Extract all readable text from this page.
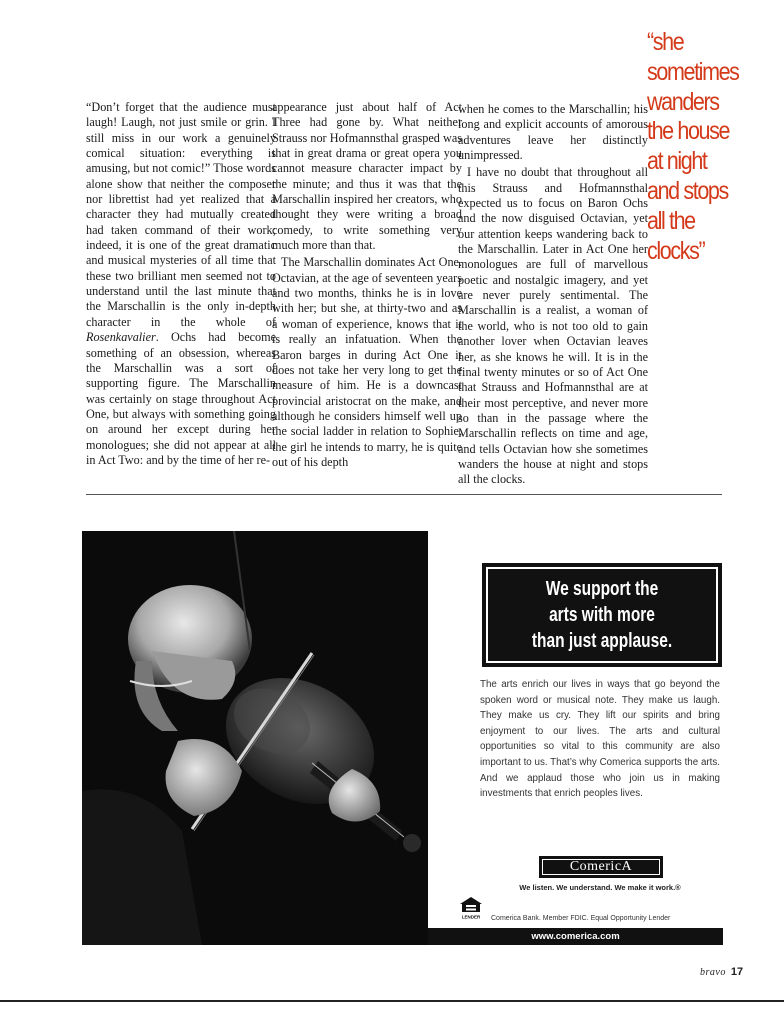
“Don’t forget that the audience must laugh! Laugh, not just smile or grin. I still miss in our work a genuinely comical situation: everything is amusing, but not comic!” Those words alone show that neither the composer nor librettist had yet realized that a character they had mutually created had taken command of their work; indeed, it is one of the great dramatic and musical mysteries of all time that these two brilliant men seemed not to understand until the last minute that the Marschallin is the only in-depth character in the whole of Rosenkavalier. Ochs had become something of an obsession, whereas the Marschallin was a sort of supporting figure. The Marschallin was certainly on stage throughout Act One, but always with something going on around her except during her monologues; she did not appear at all in Act Two: and by the time of her re-

appearance just about half of Act Three had gone by. What neither Strauss nor Hofmannsthal grasped was that in great drama or great opera you cannot measure character impact by the minute; and thus it was that the Marschallin inspired her creators, who thought they were writing a broad comedy, to write something very much more than that.

The Marschallin dominates Act One. Octavian, at the age of seventeen years and two months, thinks he is in love with her; but she, at thirty-two and as a woman of experience, knows that it is really an infatuation. When the Baron barges in during Act One it does not take her very long to get the measure of him. He is a downcast provincial aristocrat on the make, and although he considers himself well up the social ladder in relation to Sophie, the girl he intends to marry, he is quite out of his depth

when he comes to the Marschallin; his long and explicit accounts of amorous adventures leave her distinctly unimpressed.

I have no doubt that throughout all this Strauss and Hofmannsthal expected us to focus on Baron Ochs and the now disguised Octavian, yet our attention keeps wandering back to the Marschallin. Later in Act One her monologues are full of marvellous poetic and nostalgic imagery, and yet are never purely sentimental. The Marschallin is a realist, a woman of the world, who is not too old to gain another lover when Octavian leaves her, as she knows he will. It is in the final twenty minutes or so of Act One that Strauss and Hofmannsthal are at their most perceptive, and never more so than in the passage where the Marschallin reflects on time and age, and tells Octavian how she sometimes wanders the house at night and stops all the clocks.

“she
sometimes
wanders
the house
at night
and stops
all the
clocks”
We support the
arts with more
than just applause.

The arts enrich our lives in ways that go beyond the spoken word or musical note. They make us laugh. They make us cry. They lift our spirits and bring enjoyment to our lives. The arts and cultural opportunities so vital to this community are also important to us. That’s why Comerica supports the arts. And we applaud those who join us in making investments that enrich peoples lives.

ComericA
We listen. We understand. We make it work.®
LENDER Comerica Bank. Member FDIC. Equal Opportunity Lender
www.comerica.com
bravo 17
